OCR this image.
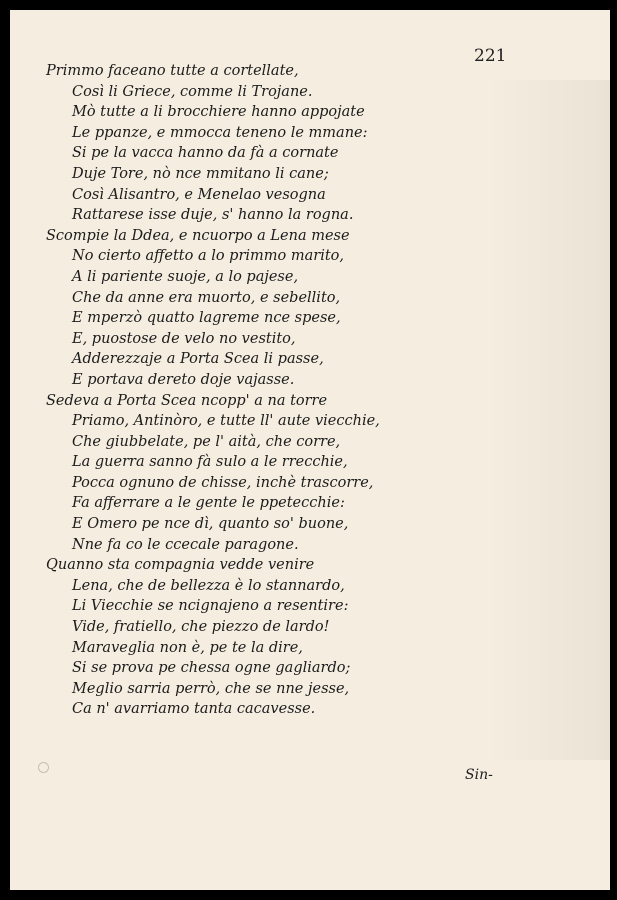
221
Primmo faceano tutte a cortellate,
Così li Griece, comme li Trojane.
Mò tutte a li brocchiere hanno appojate
Le ppanze, e mmocca teneno le mmane:
Si pe la vacca hanno da fà a cornate
Duje Tore, nò nce mmitano li cane;
Così Alisantro, e Menelao vesogna
Rattarese isse duje, s' hanno la rogna.
Scompie la Ddea, e ncuorpo a Lena mese
No cierto affetto a lo primmo marito,
A li pariente suoje, a lo pajese,
Che da anne era muorto, e sebellito,
E mperzò quatto lagreme nce spese,
E, puostose de velo no vestito,
Adderezzaje a Porta Scea li passe,
E portava dereto doje vajasse.
Sedeva a Porta Scea ncopp' a na torre
Priamo, Antinòro, e tutte ll' aute viecchie,
Che giubbelate, pe l' aità, che corre,
La guerra sanno fà sulo a le rrecchie,
Pocca ognuno de chisse, inchè trascorre,
Fa afferrare a le gente le ppetecchie:
E Omero pe nce dì, quanto so' buone,
Nne fa co le ccecale paragone.
Quanno sta compagnia vedde venire
Lena, che de bellezza è lo stannardo,
Li Viecchie se ncignajeno a resentire:
Vide, fratiello, che piezzo de lardo!
Maraveglia non è, pe te la dire,
Si se prova pe chessa ogne gagliardo;
Meglio sarria perrò, che se nne jesse,
Ca n' avarriamo tanta cacavesse.
Sin-
